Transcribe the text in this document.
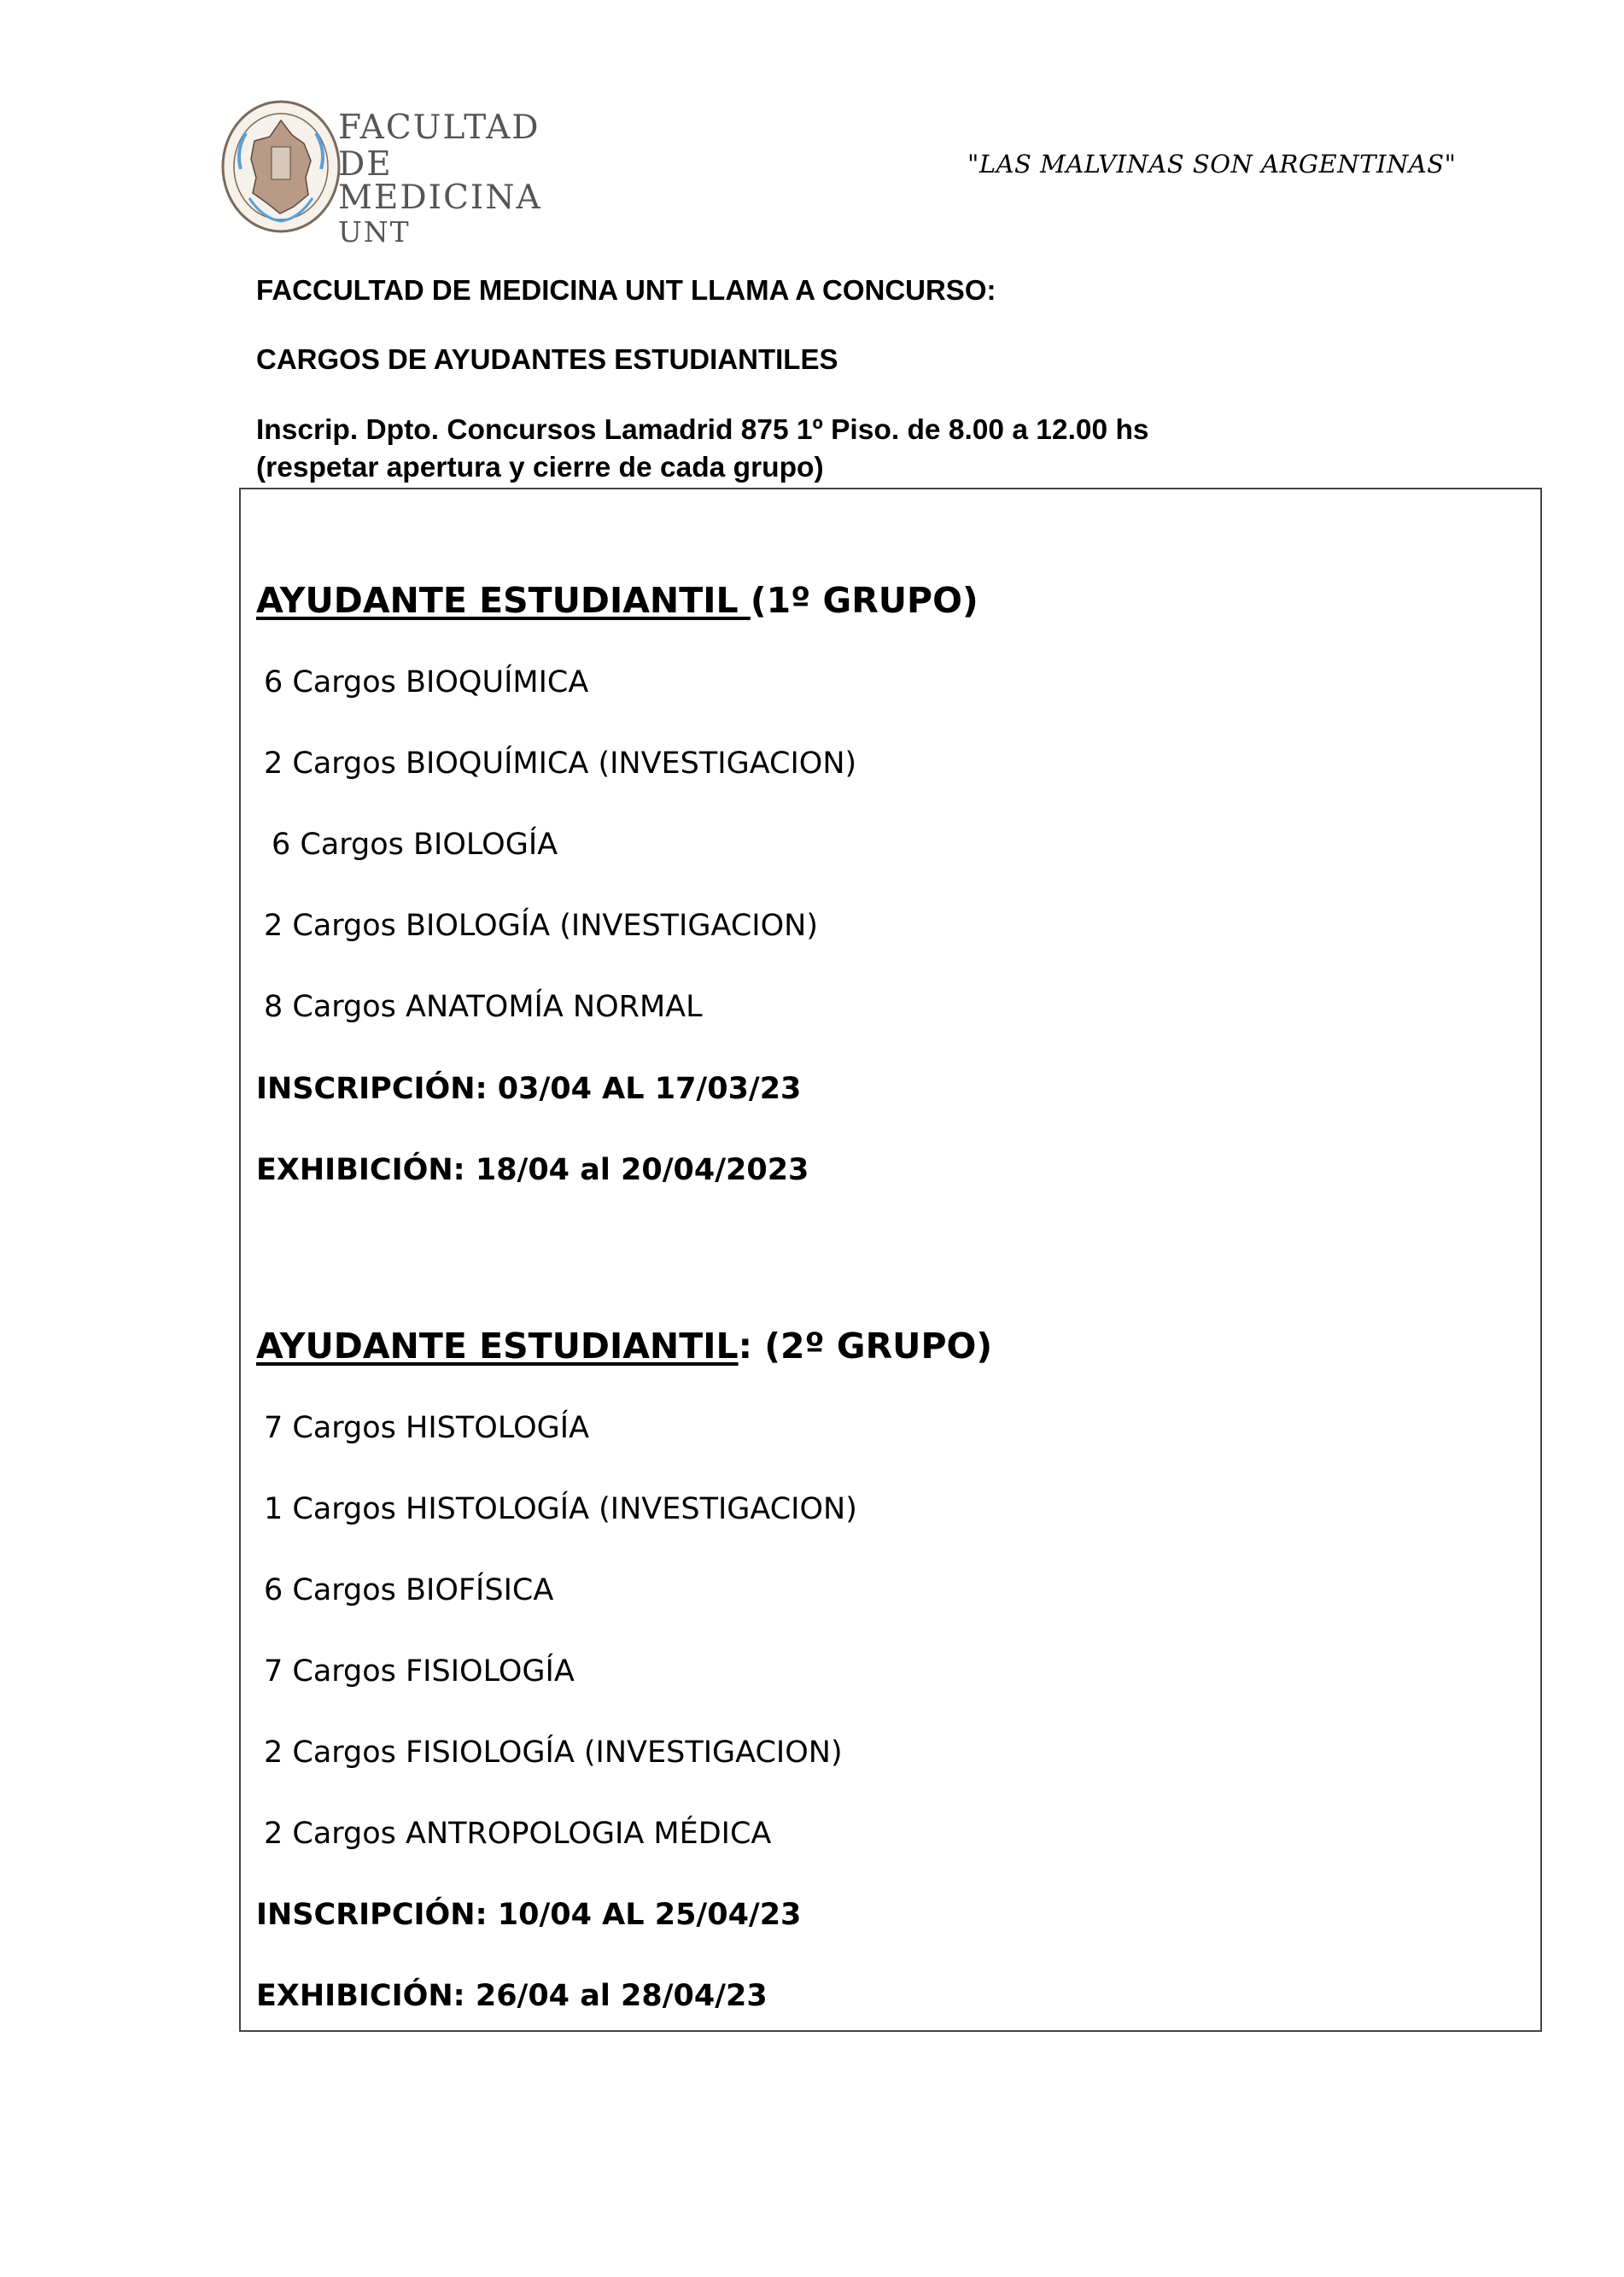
FACULTAD
DE MEDICINA
UNT
"LAS MALVINAS SON ARGENTINAS"
FACCULTAD DE MEDICINA UNT LLAMA A CONCURSO:
CARGOS DE AYUDANTES ESTUDIANTILES
Inscrip. Dpto. Concursos Lamadrid 875 1º Piso. de 8.00 a 12.00 hs
(respetar apertura y cierre de cada grupo)
AYUDANTE ESTUDIANTIL (1º GRUPO)
6 Cargos BIOQUÍMICA
2 Cargos BIOQUÍMICA (INVESTIGACION)
6 Cargos BIOLOGÍA
2 Cargos BIOLOGÍA (INVESTIGACION)
8 Cargos ANATOMÍA NORMAL
INSCRIPCIÓN: 03/04 AL 17/03/23
EXHIBICIÓN: 18/04 al 20/04/2023
AYUDANTE ESTUDIANTIL: (2º GRUPO)
7 Cargos HISTOLOGÍA
1 Cargos HISTOLOGÍA (INVESTIGACION)
6 Cargos BIOFÍSICA
7 Cargos FISIOLOGÍA
2 Cargos FISIOLOGÍA (INVESTIGACION)
2 Cargos ANTROPOLOGIA MÉDICA
INSCRIPCIÓN: 10/04 AL 25/04/23
EXHIBICIÓN: 26/04 al 28/04/23
